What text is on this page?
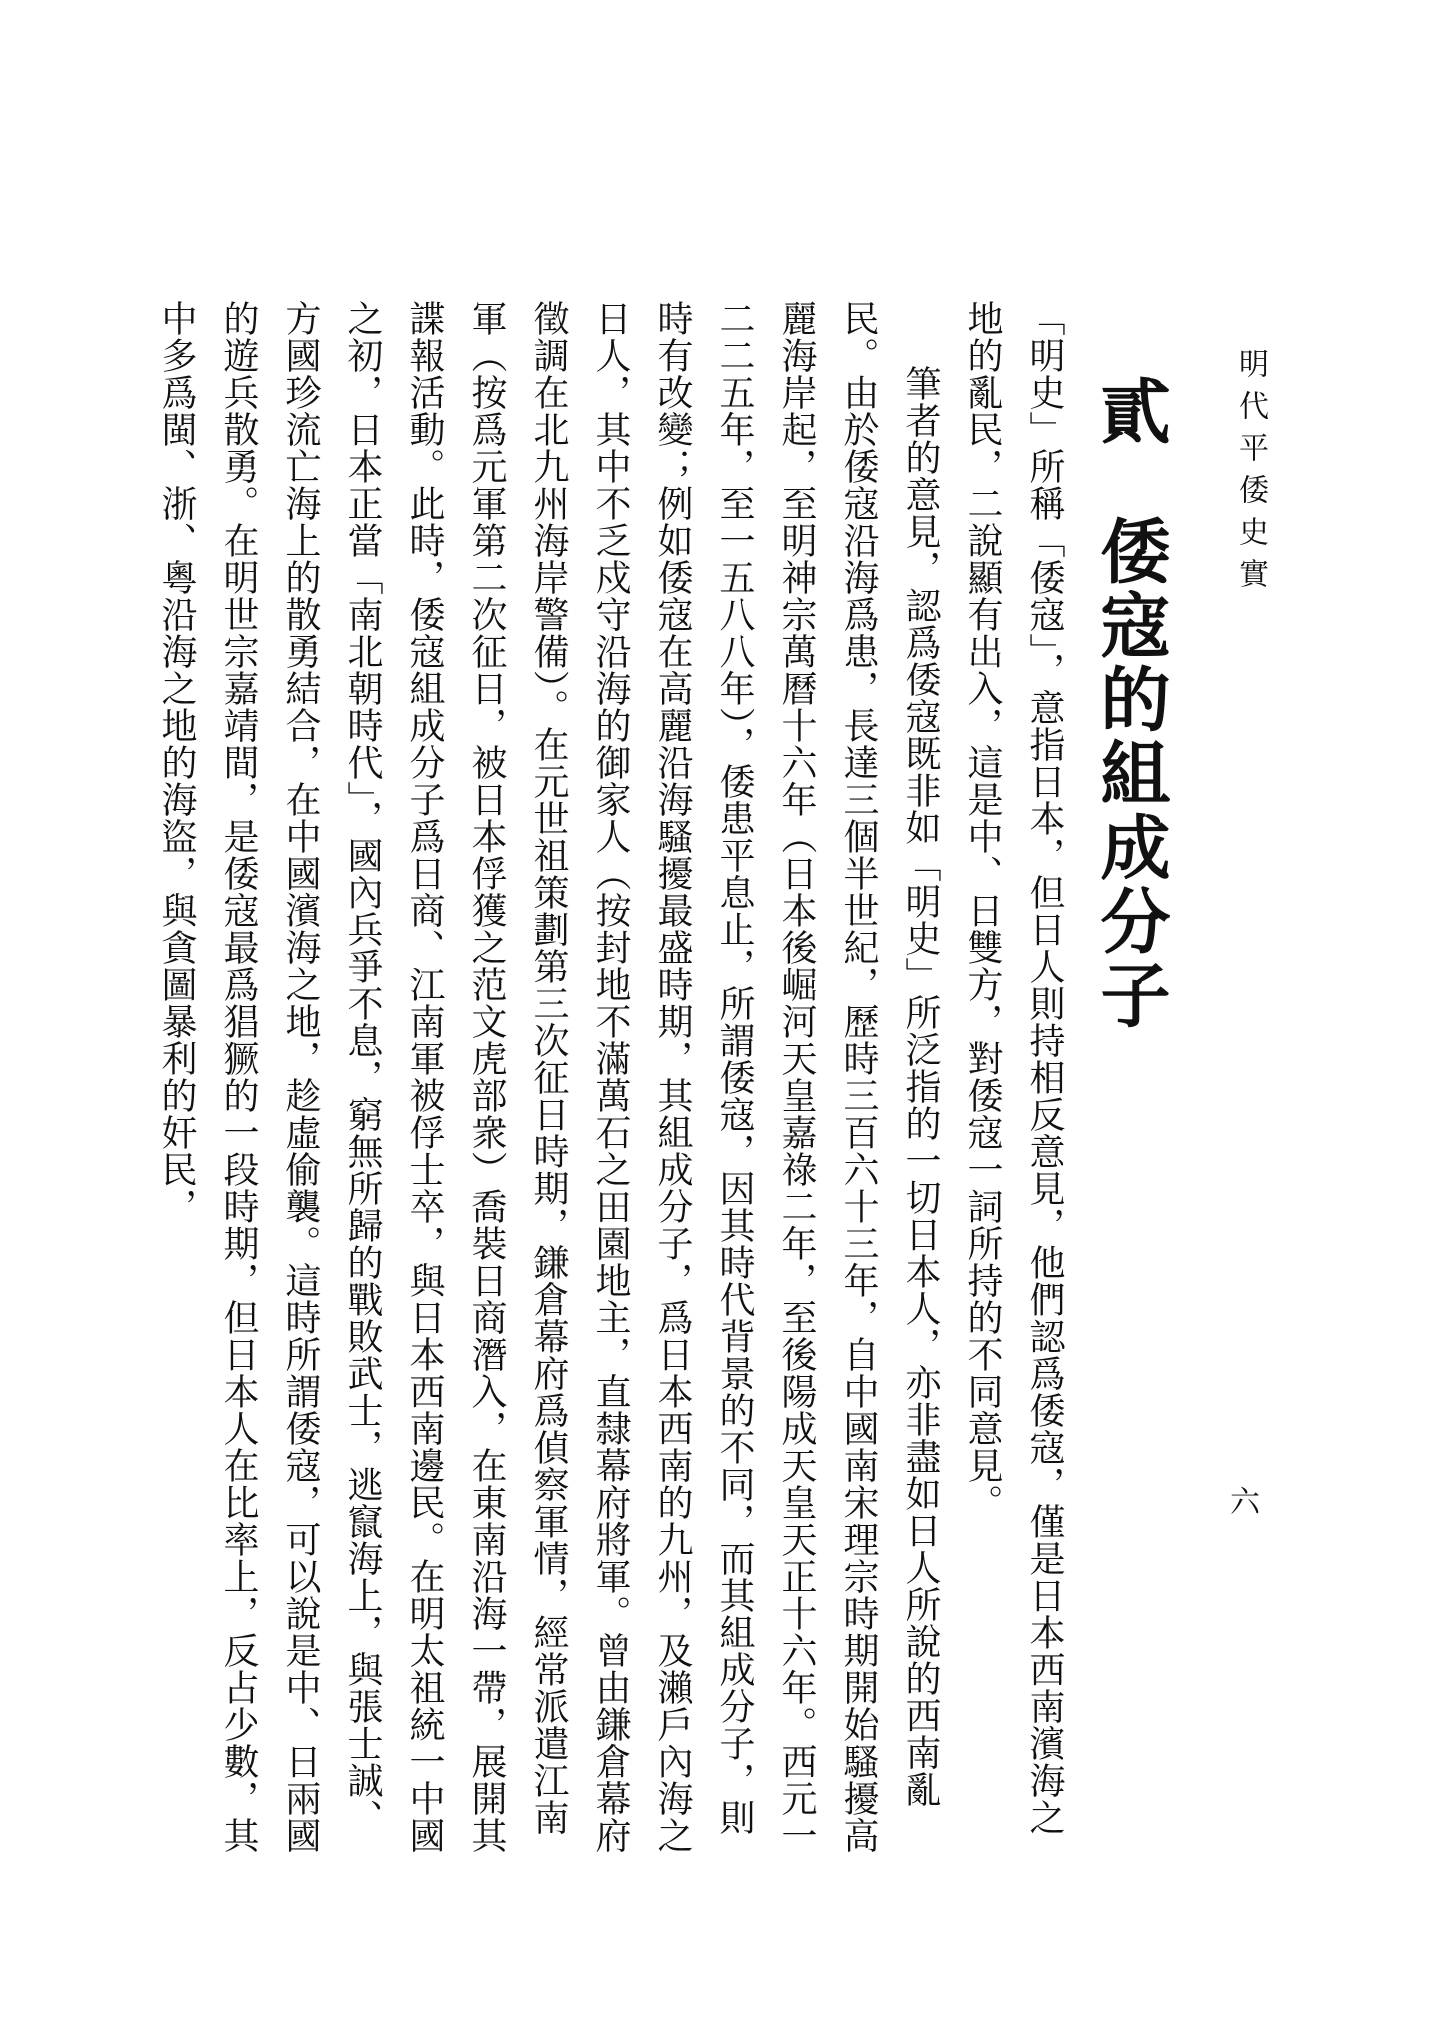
明代平倭史實
六
貳
倭寇的組成分子

「明史」所稱「倭寇」，意指日本，但日人則持相反意見，他們認爲倭寇，僅是日本西南濱海之地的亂民，二說顯有出入，這是中、日雙方，對倭寇一詞所持的不同意見。

筆者的意見，認爲倭寇既非如「明史」所泛指的一切日本人，亦非盡如日人所說的西南亂民。由於倭寇沿海爲患，長達三個半世紀，歷時三百六十三年，自中國南宋理宗時期開始騷擾高麗海岸起，至明神宗萬曆十六年（日本後崛河天皇嘉祿二年，至後陽成天皇天正十六年。西元一二二五年，至一五八八年），倭患平息止，所謂倭寇，因其時代背景的不同，而其組成分子，則時有改變；例如倭寇在高麗沿海騷擾最盛時期，其組成分子，爲日本西南的九州，及瀨戶內海之日人，其中不乏戍守沿海的御家人（按封地不滿萬石之田園地主，直隸幕府將軍。曾由鎌倉幕府徵調在北九州海岸警備）。在元世祖策劃第三次征日時期，鎌倉幕府爲偵察軍情，經常派遣江南軍（按爲元軍第二次征日，被日本俘獲之范文虎部衆）喬裝日商潛入，在東南沿海一帶，展開其諜報活動。此時，倭寇組成分子爲日商、江南軍被俘士卒，與日本西南邊民。在明太祖統一中國之初，日本正當「南北朝時代」，國內兵爭不息，窮無所歸的戰敗武士，逃竄海上，與張士誠、方國珍流亡海上的散勇結合，在中國濱海之地，趁虛偷襲。這時所謂倭寇，可以說是中、日兩國的遊兵散勇。在明世宗嘉靖間，是倭寇最爲猖獗的一段時期，但日本人在比率上，反占少數，其中多爲閩、浙、粵沿海之地的海盜，與貪圖暴利的奸民，
